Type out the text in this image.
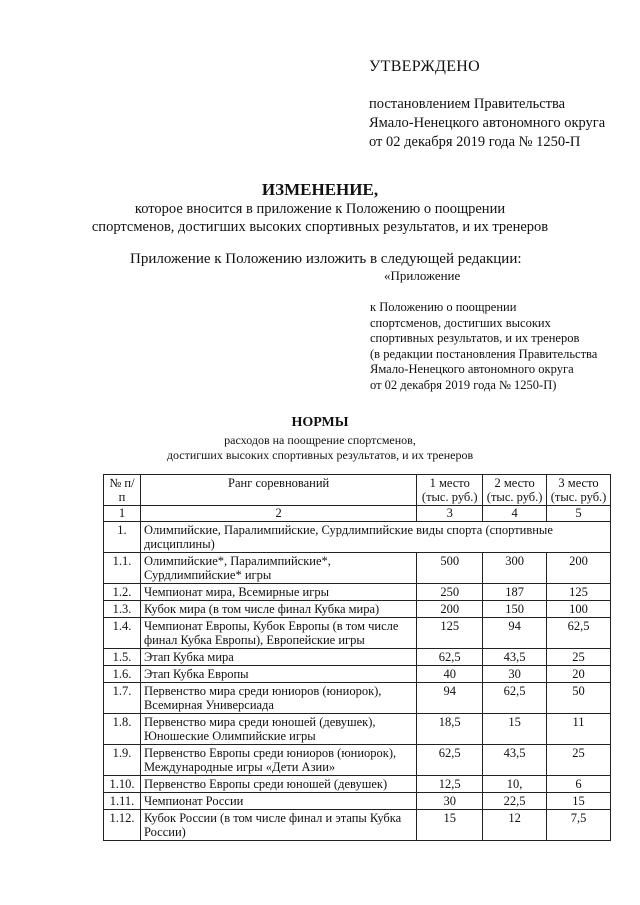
УТВЕРЖДЕНО
постановлением Правительства
Ямало-Ненецкого автономного округа
от 02 декабря 2019 года № 1250-П
ИЗМЕНЕНИЕ,
которое вносится в приложение к Положению о поощрении
спортсменов, достигших высоких спортивных результатов, и их тренеров
Приложение к Положению изложить в следующей редакции:
«Приложение
к Положению о поощрении
спортсменов, достигших высоких
спортивных результатов, и их тренеров
(в редакции постановления Правительства
Ямало-Ненецкого автономного округа
от 02 декабря 2019 года № 1250-П)
НОРМЫ
расходов на поощрение спортсменов,
достигших высоких спортивных результатов, и их тренеров
№ п/п	Ранг соревнований	1 место (тыс. руб.)	2 место (тыс. руб.)	3 место (тыс. руб.)
1	2	3	4	5
1.	Олимпийские, Паралимпийские, Сурдлимпийские виды спорта (спортивные дисциплины)			
1.1.	Олимпийские*, Паралимпийские*, Сурдлимпийские* игры	500	300	200
1.2.	Чемпионат мира, Всемирные игры	250	187	125
1.3.	Кубок мира (в том числе финал Кубка мира)	200	150	100
1.4.	Чемпионат Европы, Кубок Европы (в том числе финал Кубка Европы), Европейские игры	125	94	62,5
1.5.	Этап Кубка мира	62,5	43,5	25
1.6.	Этап Кубка Европы	40	30	20
1.7.	Первенство мира среди юниоров (юниорок), Всемирная Универсиада	94	62,5	50
1.8.	Первенство мира среди юношей (девушек), Юношеские Олимпийские игры	18,5	15	11
1.9.	Первенство Европы среди юниоров (юниорок), Международные игры «Дети Азии»	62,5	43,5	25
1.10.	Первенство Европы среди юношей (девушек)	12,5	10,	6
1.11.	Чемпионат России	30	22,5	15
1.12.	Кубок России (в том числе финал и этапы Кубка России)	15	12	7,5
